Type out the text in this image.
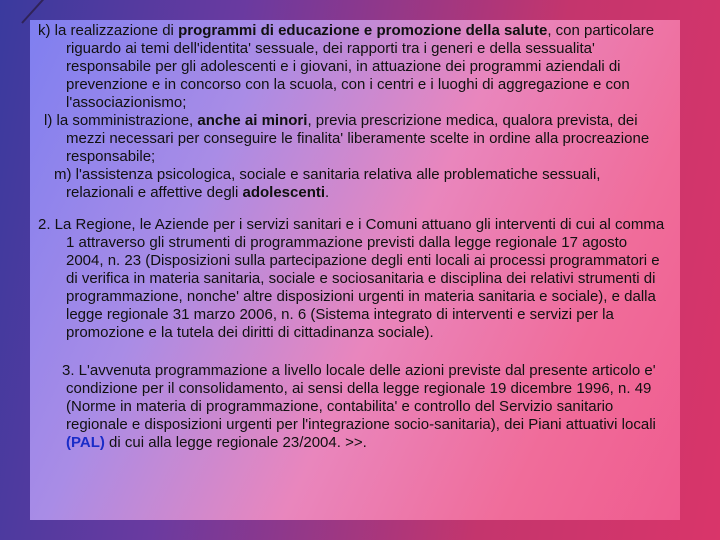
k) la realizzazione di programmi di educazione e promozione della salute, con particolare riguardo ai temi dell'identita' sessuale, dei rapporti tra i generi e della sessualita' responsabile per gli adolescenti e i giovani, in attuazione dei programmi aziendali di prevenzione e in concorso con la scuola, con i centri e i luoghi di aggregazione e con l'associazionismo;

l) la somministrazione, anche ai minori, previa prescrizione medica, qualora prevista, dei mezzi necessari per conseguire le finalita' liberamente scelte in ordine alla procreazione responsabile;

m) l'assistenza psicologica, sociale e sanitaria relativa alle problematiche sessuali, relazionali e affettive degli adolescenti.

2. La Regione, le Aziende per i servizi sanitari e i Comuni attuano gli interventi di cui al comma 1 attraverso gli strumenti di programmazione previsti dalla legge regionale 17 agosto 2004, n. 23 (Disposizioni sulla partecipazione degli enti locali ai processi programmatori e di verifica in materia sanitaria, sociale e sociosanitaria e disciplina dei relativi strumenti di programmazione, nonche' altre disposizioni urgenti in materia sanitaria e sociale), e dalla legge regionale 31 marzo 2006, n. 6 (Sistema integrato di interventi e servizi per la promozione e la tutela dei diritti di cittadinanza sociale).

3. L'avvenuta programmazione a livello locale delle azioni previste dal presente articolo e' condizione per il consolidamento, ai sensi della legge regionale 19 dicembre 1996, n. 49 (Norme in materia di programmazione, contabilita' e controllo del Servizio sanitario regionale e disposizioni urgenti per l'integrazione socio-sanitaria), dei Piani attuativi locali (PAL) di cui alla legge regionale 23/2004. >>.
